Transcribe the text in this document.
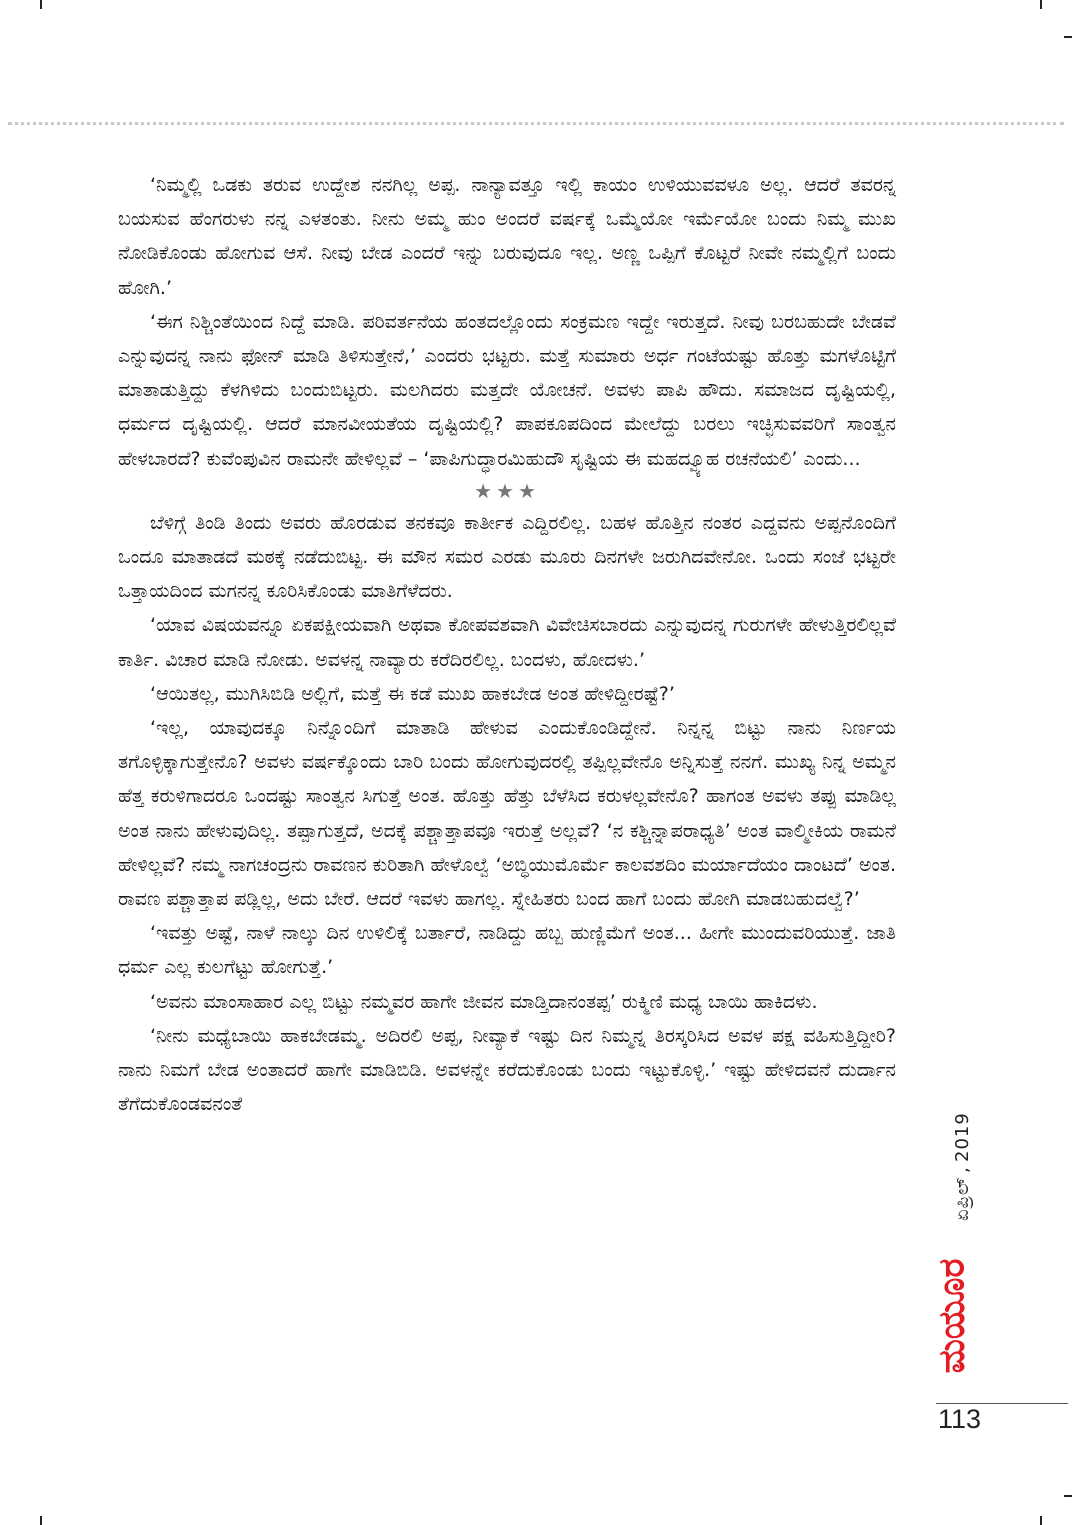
‘ನಿಮ್ಮಲ್ಲಿ ಒಡಕು ತರುವ ಉದ್ದೇಶ ನನಗಿಲ್ಲ ಅಪ್ಪ. ನಾನ್ಯಾವತ್ತೂ ಇಲ್ಲಿ ಕಾಯಂ ಉಳಿಯುವವಳೂ ಅಲ್ಲ. ಆದರೆ ತವರನ್ನ ಬಯಸುವ ಹೆಂಗರುಳು ನನ್ನ ಎಳತಂತು. ನೀನು ಅಮ್ಮ ಹುಂ ಅಂದರೆ ವರ್ಷಕ್ಕೆ ಒಮ್ಮೆಯೋ ಇರ್ಮೆಯೋ ಬಂದು ನಿಮ್ಮ ಮುಖ ನೋಡಿಕೊಂಡು ಹೋಗುವ ಆಸೆ. ನೀವು ಬೇಡ ಎಂದರೆ ಇನ್ನು ಬರುವುದೂ ಇಲ್ಲ. ಅಣ್ಣ ಒಪ್ಪಿಗೆ ಕೊಟ್ಟರೆ ನೀವೇ ನಮ್ಮಲ್ಲಿಗೆ ಬಂದು ಹೋಗಿ.’

‘ಈಗ ನಿಶ್ಚಿಂತೆಯಿಂದ ನಿದ್ದೆ ಮಾಡಿ. ಪರಿವರ್ತನೆಯ ಹಂತದಲ್ಲೊಂದು ಸಂಕ್ರಮಣ ಇದ್ದೇ ಇರುತ್ತದೆ. ನೀವು ಬರಬಹುದೇ ಬೇಡವೆ ಎನ್ನುವುದನ್ನ ನಾನು ಫೋನ್ ಮಾಡಿ ತಿಳಿಸುತ್ತೇನೆ,’ ಎಂದರು ಭಟ್ಟರು. ಮತ್ತೆ ಸುಮಾರು ಅರ್ಧ ಗಂಟೆಯಷ್ಟು ಹೊತ್ತು ಮಗಳೊಟ್ಟಿಗೆ ಮಾತಾಡುತ್ತಿದ್ದು ಕೆಳಗಿಳಿದು ಬಂದುಬಿಟ್ಟರು. ಮಲಗಿದರು ಮತ್ತದೇ ಯೋಚನೆ. ಅವಳು ಪಾಪಿ ಹೌದು. ಸಮಾಜದ ದೃಷ್ಟಿಯಲ್ಲಿ, ಧರ್ಮದ ದೃಷ್ಟಿಯಲ್ಲಿ. ಆದರೆ ಮಾನವೀಯತೆಯ ದೃಷ್ಟಿಯಲ್ಲಿ? ಪಾಪಕೂಪದಿಂದ ಮೇಲೆದ್ದು ಬರಲು ಇಚ್ಛಿಸುವವರಿಗೆ ಸಾಂತ್ವನ ಹೇಳಬಾರದೆ? ಕುವೆಂಪುವಿನ ರಾಮನೇ ಹೇಳಿಲ್ಲವೆ – ‘ಪಾಪಿಗುದ್ಧಾರಮಿಹುದೌ ಸೃಷ್ಟಿಯ ಈ ಮಹದ್ವ್ಯೂಹ ರಚನೆಯಲಿ’ ಎಂದು...

★★★

ಬೆಳಿಗ್ಗೆ ತಿಂಡಿ ತಿಂದು ಅವರು ಹೊರಡುವ ತನಕವೂ ಕಾರ್ತೀಕ ಎದ್ದಿರಲಿಲ್ಲ. ಬಹಳ ಹೊತ್ತಿನ ನಂತರ ಎದ್ದವನು ಅಪ್ಪನೊಂದಿಗೆ ಒಂದೂ ಮಾತಾಡದೆ ಮಠಕ್ಕೆ ನಡೆದುಬಿಟ್ಟ. ಈ ಮೌನ ಸಮರ ಎರಡು ಮೂರು ದಿನಗಳೇ ಜರುಗಿದವೇನೋ. ಒಂದು ಸಂಜೆ ಭಟ್ಟರೇ ಒತ್ತಾಯದಿಂದ ಮಗನನ್ನ ಕೂರಿಸಿಕೊಂಡು ಮಾತಿಗೆಳೆದರು.

‘ಯಾವ ವಿಷಯವನ್ನೂ ಏಕಪಕ್ಷೀಯವಾಗಿ ಅಥವಾ ಕೋಪವಶವಾಗಿ ವಿವೇಚಿಸಬಾರದು ಎನ್ನುವುದನ್ನ ಗುರುಗಳೇ ಹೇಳುತ್ತಿರಲಿಲ್ಲವೆ ಕಾರ್ತಿ. ವಿಚಾರ ಮಾಡಿ ನೋಡು. ಅವಳನ್ನ ನಾವ್ಯಾರು ಕರೆದಿರಲಿಲ್ಲ. ಬಂದಳು, ಹೋದಳು.’

‘ಆಯಿತಲ್ಲ, ಮುಗಿಸಿಬಿಡಿ ಅಲ್ಲಿಗೆ, ಮತ್ತೆ ಈ ಕಡೆ ಮುಖ ಹಾಕಬೇಡ ಅಂತ ಹೇಳಿದ್ದೀರಷ್ಟೆ?’

‘ಇಲ್ಲ, ಯಾವುದಕ್ಕೂ ನಿನ್ನೊಂದಿಗೆ ಮಾತಾಡಿ ಹೇಳುವ ಎಂದುಕೊಂಡಿದ್ದೇನೆ. ನಿನ್ನನ್ನ ಬಿಟ್ಟು ನಾನು ನಿರ್ಣಯ ತಗೊಳ್ಳಿಕ್ಕಾಗುತ್ತೇನೊ? ಅವಳು ವರ್ಷಕ್ಕೊಂದು ಬಾರಿ ಬಂದು ಹೋಗುವುದರಲ್ಲಿ ತಪ್ಪಿಲ್ಲವೇನೊ ಅನ್ನಿಸುತ್ತೆ ನನಗೆ. ಮುಖ್ಯ ನಿನ್ನ ಅಮ್ಮನ ಹೆತ್ತ ಕರುಳಿಗಾದರೂ ಒಂದಷ್ಟು ಸಾಂತ್ವನ ಸಿಗುತ್ತೆ ಅಂತ. ಹೊತ್ತು ಹೆತ್ತು ಬೆಳೆಸಿದ ಕರುಳಲ್ಲವೇನೊ? ಹಾಗಂತ ಅವಳು ತಪ್ಪು ಮಾಡಿಲ್ಲ ಅಂತ ನಾನು ಹೇಳುವುದಿಲ್ಲ. ತಪ್ಪಾಗುತ್ತದೆ, ಅದಕ್ಕೆ ಪಶ್ಚಾತ್ತಾಪವೂ ಇರುತ್ತೆ ಅಲ್ಲವೆ? ‘ನ ಕಶ್ಚಿನ್ನಾಪರಾಧ್ಯತಿ’ ಅಂತ ವಾಲ್ಮೀಕಿಯ ರಾಮನೆ ಹೇಳಿಲ್ಲವೆ? ನಮ್ಮ ನಾಗಚಂದ್ರನು ರಾವಣನ ಕುರಿತಾಗಿ ಹೇಳೊಲ್ವೆ ‘ಅಬ್ಧಿಯುಮೊರ್ಮೆ ಕಾಲವಶದಿಂ ಮರ್ಯಾದೆಯಂ ದಾಂಟದೆ’ ಅಂತ. ರಾವಣ ಪಶ್ಚಾತ್ತಾಪ ಪಡ್ಲಿಲ್ಲ, ಅದು ಬೇರೆ. ಆದರೆ ಇವಳು ಹಾಗಲ್ಲ. ಸ್ನೇಹಿತರು ಬಂದ ಹಾಗೆ ಬಂದು ಹೋಗಿ ಮಾಡಬಹುದಲ್ವೆ?’

‘ಇವತ್ತು ಅಷ್ಟೆ, ನಾಳೆ ನಾಲ್ಕು ದಿನ ಉಳಿಲಿಕ್ಕೆ ಬರ್ತಾರೆ, ನಾಡಿದ್ದು ಹಬ್ಬ ಹುಣ್ಣಿಮೆಗೆ ಅಂತ... ಹೀಗೇ ಮುಂದುವರಿಯುತ್ತೆ. ಜಾತಿ ಧರ್ಮ ಎಲ್ಲ ಕುಲಗೆಟ್ಟು ಹೋಗುತ್ತೆ.’

‘ಅವನು ಮಾಂಸಾಹಾರ ಎಲ್ಲ ಬಿಟ್ಟು ನಮ್ಮವರ ಹಾಗೇ ಜೀವನ ಮಾಡ್ತಿದಾನಂತಪ್ಪ’ ರುಕ್ಮಿಣಿ ಮಧ್ಯ ಬಾಯಿ ಹಾಕಿದಳು.

‘ನೀನು ಮಧ್ಯೆಬಾಯಿ ಹಾಕಬೇಡಮ್ಮ. ಅದಿರಲಿ ಅಪ್ಪ, ನೀವ್ಯಾಕೆ ಇಷ್ಟು ದಿನ ನಿಮ್ಮನ್ನ ತಿರಸ್ಕರಿಸಿದ ಅವಳ ಪಕ್ಷ ವಹಿಸುತ್ತಿದ್ದೀರಿ? ನಾನು ನಿಮಗೆ ಬೇಡ ಅಂತಾದರೆ ಹಾಗೇ ಮಾಡಿಬಿಡಿ. ಅವಳನ್ನೇ ಕರೆದುಕೊಂಡು ಬಂದು ಇಟ್ಟುಕೊಳ್ಳಿ.’ ಇಷ್ಟು ಹೇಳಿದವನೆ ದುರ್ದಾನ ತೆಗೆದುಕೊಂಡವನಂತೆ

ಏಪ್ರಿಲ್
,
2019
ಮಯೂರ
113
